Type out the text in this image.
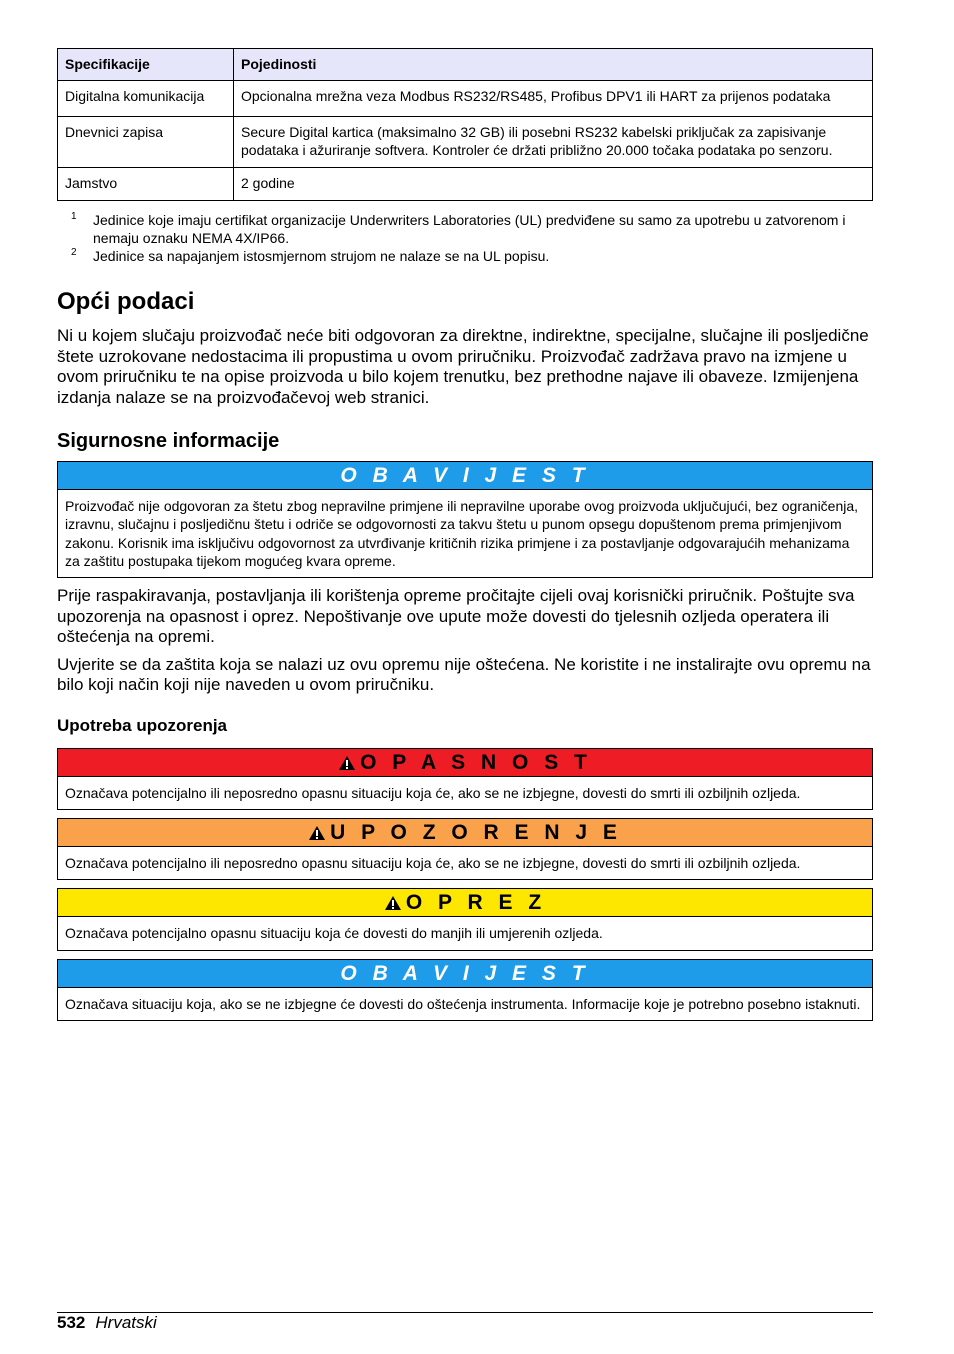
Specifikacije	Pojedinosti
Digitalna komunikacija	Opcionalna mrežna veza Modbus RS232/RS485, Profibus DPV1 ili HART za prijenos podataka
Dnevnici zapisa	Secure Digital kartica (maksimalno 32 GB) ili posebni RS232 kabelski priključak za zapisivanje podataka i ažuriranje softvera. Kontroler će držati približno 20.000 točaka podataka po senzoru.
Jamstvo	2 godine
1	Jedinice koje imaju certifikat organizacije Underwriters Laboratories (UL) predviđene su samo za upotrebu u zatvorenom i nemaju oznaku NEMA 4X/IP66.
2	Jedinice sa napajanjem istosmjernom strujom ne nalaze se na UL popisu.
Opći podaci

Ni u kojem slučaju proizvođač neće biti odgovoran za direktne, indirektne, specijalne, slučajne ili posljedične štete uzrokovane nedostacima ili propustima u ovom priručniku. Proizvođač zadržava pravo na izmjene u ovom priručniku te na opise proizvoda u bilo kojem trenutku, bez prethodne najave ili obaveze. Izmijenjena izdanja nalaze se na proizvođačevoj web stranici.

Sigurnosne informacije
O B A V I J E S T
Proizvođač nije odgovoran za štetu zbog nepravilne primjene ili nepravilne uporabe ovog proizvoda uključujući, bez ograničenja, izravnu, slučajnu i posljedičnu štetu i odriče se odgovornosti za takvu štetu u punom opsegu dopuštenom prema primjenjivom zakonu. Korisnik ima isključivu odgovornost za utvrđivanje kritičnih rizika primjene i za postavljanje odgovarajućih mehanizama za zaštitu postupaka tijekom mogućeg kvara opreme.

Prije raspakiravanja, postavljanja ili korištenja opreme pročitajte cijeli ovaj korisnički priručnik. Poštujte sva upozorenja na opasnost i oprez. Nepoštivanje ove upute može dovesti do tjelesnih ozljeda operatera ili oštećenja na opremi.

Uvjerite se da zaštita koja se nalazi uz ovu opremu nije oštećena. Ne koristite i ne instalirajte ovu opremu na bilo koji način koji nije naveden u ovom priručniku.

Upotreba upozorenja
O P A S N O S T
Označava potencijalno ili neposredno opasnu situaciju koja će, ako se ne izbjegne, dovesti do smrti ili ozbiljnih ozljeda.
U P O Z O R E N J E
Označava potencijalno ili neposredno opasnu situaciju koja će, ako se ne izbjegne, dovesti do smrti ili ozbiljnih ozljeda.
O P R E Z
Označava potencijalno opasnu situaciju koja će dovesti do manjih ili umjerenih ozljeda.
O B A V I J E S T
Označava situaciju koja, ako se ne izbjegne će dovesti do oštećenja instrumenta. Informacije koje je potrebno posebno istaknuti.
532 Hrvatski
